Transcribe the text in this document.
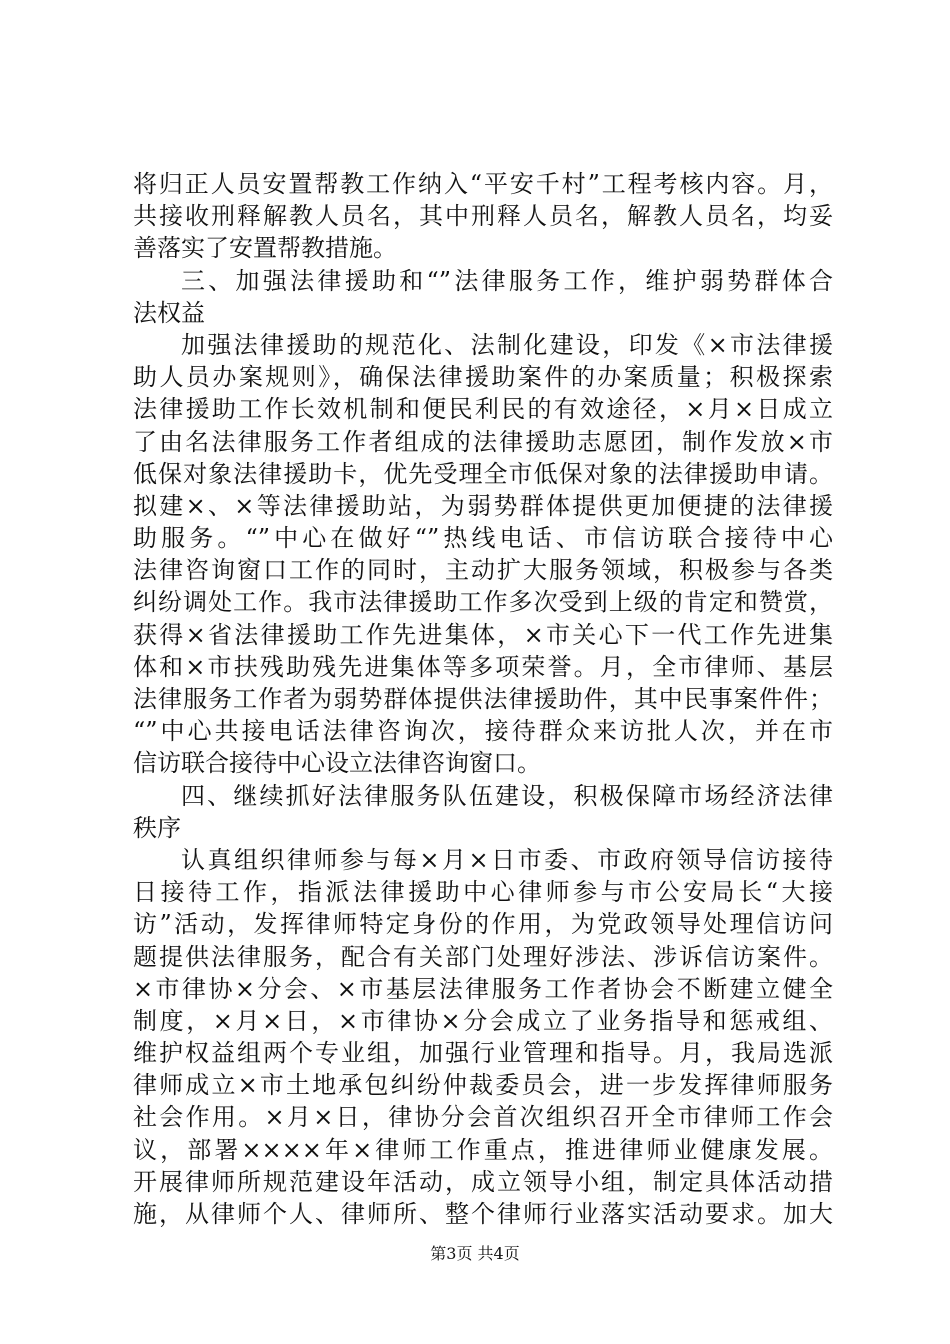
将归正人员安置帮教工作纳入“平安千村”工程考核内容。月，
共接收刑释解教人员名，其中刑释人员名，解教人员名，均妥
善落实了安置帮教措施。
三、加强法律援助和“”法律服务工作，维护弱势群体合
法权益
加强法律援助的规范化、法制化建设，印发《×市法律援
助人员办案规则》，确保法律援助案件的办案质量；积极探索
法律援助工作长效机制和便民利民的有效途径，×月×日成立
了由名法律服务工作者组成的法律援助志愿团，制作发放×市
低保对象法律援助卡，优先受理全市低保对象的法律援助申请。
拟建×、×等法律援助站，为弱势群体提供更加便捷的法律援
助服务。“”中心在做好“”热线电话、市信访联合接待中心
法律咨询窗口工作的同时，主动扩大服务领域，积极参与各类
纠纷调处工作。我市法律援助工作多次受到上级的肯定和赞赏，
获得×省法律援助工作先进集体，×市关心下一代工作先进集
体和×市扶残助残先进集体等多项荣誉。月，全市律师、基层
法律服务工作者为弱势群体提供法律援助件，其中民事案件件；
“”中心共接电话法律咨询次，接待群众来访批人次，并在市
信访联合接待中心设立法律咨询窗口。
四、继续抓好法律服务队伍建设，积极保障市场经济法律
秩序
认真组织律师参与每×月×日市委、市政府领导信访接待
日接待工作，指派法律援助中心律师参与市公安局长“大接
访”活动，发挥律师特定身份的作用，为党政领导处理信访问
题提供法律服务，配合有关部门处理好涉法、涉诉信访案件。
×市律协×分会、×市基层法律服务工作者协会不断建立健全
制度，×月×日，×市律协×分会成立了业务指导和惩戒组、
维护权益组两个专业组，加强行业管理和指导。月，我局选派
律师成立×市土地承包纠纷仲裁委员会，进一步发挥律师服务
社会作用。×月×日，律协分会首次组织召开全市律师工作会
议，部署××××年×律师工作重点，推进律师业健康发展。
开展律师所规范建设年活动，成立领导小组，制定具体活动措
施，从律师个人、律师所、整个律师行业落实活动要求。加大
第3页 共4页
